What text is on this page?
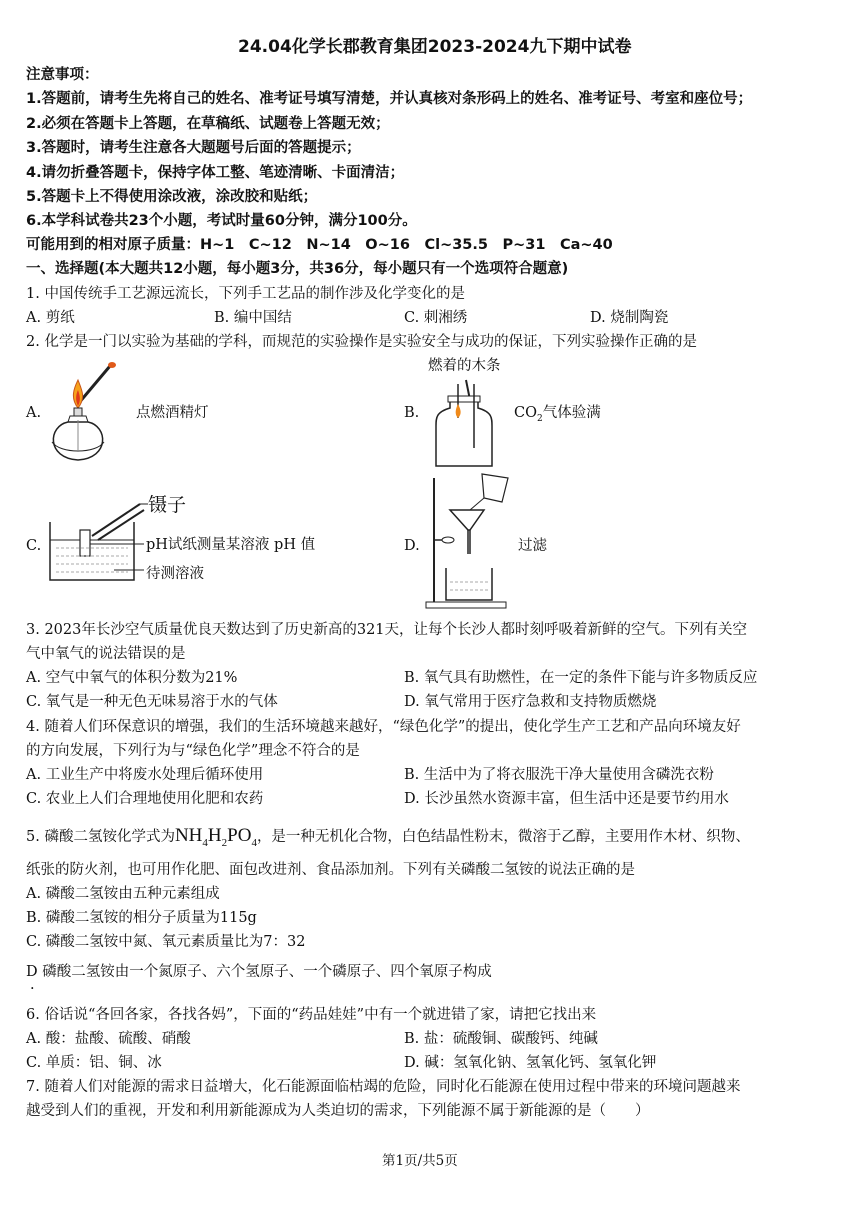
24.04化学长郡教育集团2023-2024九下期中试卷
注意事项：
1.答题前，请考生先将自己的姓名、准考证号填写清楚，并认真核对条形码上的姓名、准考证号、考室和座位号；
2.必须在答题卡上答题，在草稿纸、试题卷上答题无效；
3.答题时，请考生注意各大题题号后面的答题提示；
4.请勿折叠答题卡，保持字体工整、笔迹清晰、卡面清洁；
5.答题卡上不得使用涂改液，涂改胶和贴纸；
6.本学科试卷共23个小题，考试时量60分钟，满分100分。
可能用到的相对原子质量：H~1　C~12　N~14　O~16　Cl~35.5　P~31　Ca~40
一、选择题(本大题共12小题，每小题3分，共36分，每小题只有一个选项符合题意)
1. 中国传统手工艺源远流长，下列手工艺品的制作涉及化学变化的是
A. 剪纸	B. 编中国结	C. 刺湘绣	D. 烧制陶瓷
2. 化学是一门以实验为基础的学科，而规范的实验操作是实验安全与成功的保证，下列实验操作正确的是
A.	点燃酒精灯	B.
燃着的木条
$CO_2$气体验满
C.
镊子
pH试纸测量某溶液 pH 值
待测溶液
D.	过滤
3. 2023年长沙空气质量优良天数达到了历史新高的321天，让每个长沙人都时刻呼吸着新鲜的空气。下列有关空
气中氧气的说法错误的是
A. 空气中氧气的体积分数为21%	B. 氧气具有助燃性，在一定的条件下能与许多物质反应
C. 氧气是一种无色无味易溶于水的气体	D. 氧气常用于医疗急救和支持物质燃烧
4. 随着人们环保意识的增强，我们的生活环境越来越好，“绿色化学”的提出，使化学生产工艺和产品向环境友好
的方向发展，下列行为与“绿色化学”理念不符合的是
A. 工业生产中将废水处理后循环使用	B. 生活中为了将衣服洗干净大量使用含磷洗衣粉
C. 农业上人们合理地使用化肥和农药	D. 长沙虽然水资源丰富，但生活中还是要节约用水
5. 磷酸二氢铵化学式为$NH_4H_2PO_4$，是一种无机化合物，白色结晶性粉末，微溶于乙醇，主要用作木材、织物、
纸张的防火剂，也可用作化肥、面包改进剂、食品添加剂。下列有关磷酸二氢铵的说法正确的是
A. 磷酸二氢铵由五种元素组成
B. 磷酸二氢铵的相分子质量为115g
C. 磷酸二氢铵中氮、氧元素质量比为7：32
D 磷酸二氢铵由一个氮原子、六个氢原子、一个磷原子、四个氧原子构成
·
6. 俗话说“各回各家，各找各妈”，下面的“药品娃娃”中有一个就进错了家，请把它找出来
A. 酸：盐酸、硫酸、硝酸	B. 盐：硫酸铜、碳酸钙、纯碱
C. 单质：铝、铜、冰	D. 碱：氢氧化钠、氢氧化钙、氢氧化钾
7. 随着人们对能源的需求日益增大，化石能源面临枯竭的危险，同时化石能源在使用过程中带来的环境问题越来
越受到人们的重视，开发和利用新能源成为人类迫切的需求，下列能源不属于新能源的是（　　）
第1页/共5页
